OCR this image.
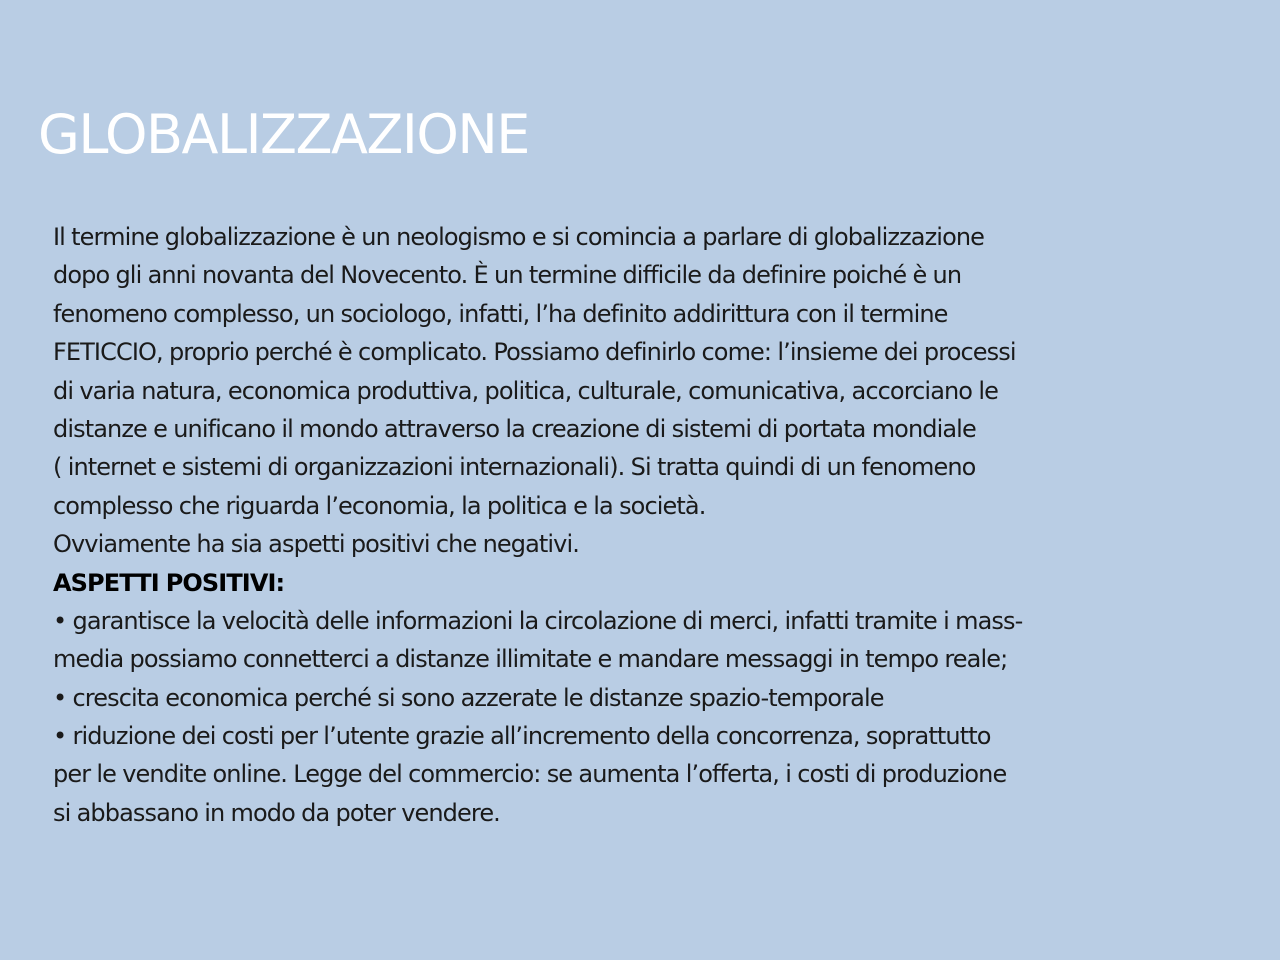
GLOBALIZZAZIONE
Il termine globalizzazione è un neologismo e si comincia a parlare di globalizzazione
dopo gli anni novanta del Novecento. È un termine difficile da definire poiché è un
fenomeno complesso, un sociologo, infatti, l’ha definito addirittura con il termine
FETICCIO, proprio perché è complicato. Possiamo definirlo come: l’insieme dei processi
di varia natura, economica produttiva, politica, culturale, comunicativa, accorciano le
distanze e unificano il mondo attraverso la creazione di sistemi di portata mondiale
( internet e sistemi di organizzazioni internazionali). Si tratta quindi di un fenomeno
complesso che riguarda l’economia, la politica e la società.
Ovviamente ha sia aspetti positivi che negativi.
ASPETTI POSITIVI:
• garantisce la velocità delle informazioni la circolazione di merci, infatti tramite i mass-
media possiamo connetterci a distanze illimitate e mandare messaggi in tempo reale;
• crescita economica perché si sono azzerate le distanze spazio-temporale
• riduzione dei costi per l’utente grazie all’incremento della concorrenza, soprattutto
per le vendite online. Legge del commercio: se aumenta l’offerta, i costi di produzione
si abbassano in modo da poter vendere.
